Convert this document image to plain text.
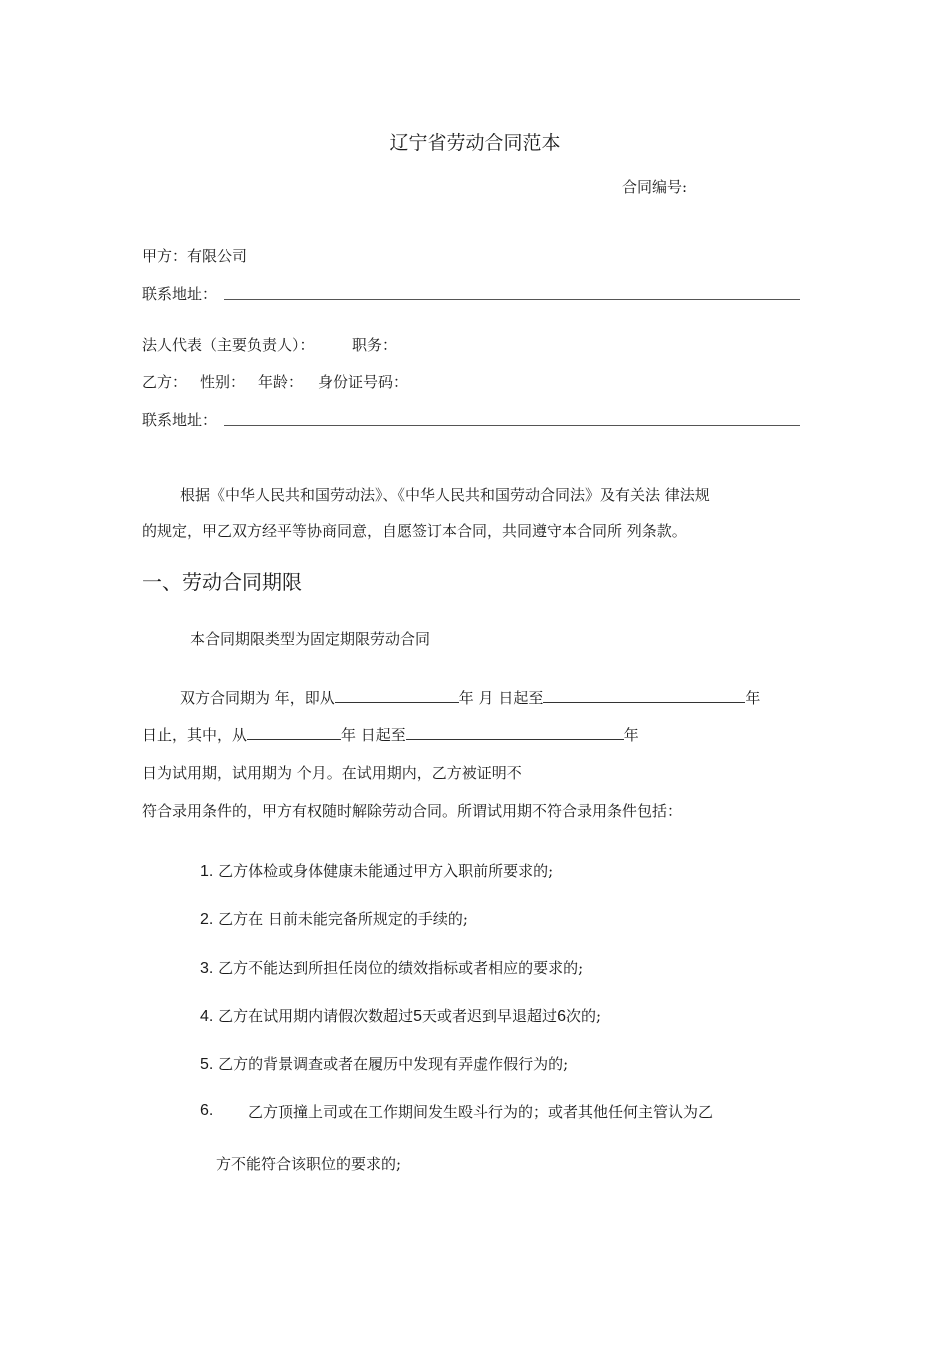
辽宁省劳动合同范本
合同编号:
甲方：有限公司
联系地址：
法人代表（主要负责人）： 职务：
乙方： 性别： 年龄： 身份证号码：
联系地址：
根据《中华人民共和国劳动法》、《中华人民共和国劳动合同法》及有关法 律法规
的规定，甲乙双方经平等协商同意，自愿签订本合同，共同遵守本合同所 列条款。
一、劳动合同期限
本合同期限类型为固定期限劳动合同
双方合同期为 年，即从	年 月 日起至	年
日止，其中，从	年 日起至	年
日为试用期，试用期为 个月。在试用期内，乙方被证明不
符合录用条件的，甲方有权随时解除劳动合同。所谓试用期不符合录用条件包括：
1. 乙方体检或身体健康未能通过甲方入职前所要求的;
2. 乙方在 日前未能完备所规定的手续的;
3. 乙方不能达到所担任岗位的绩效指标或者相应的要求的;
4. 乙方在试用期内请假次数超过5天或者迟到早退超过6次的;
5. 乙方的背景调查或者在履历中发现有弄虚作假行为的;
6. 乙方顶撞上司或在工作期间发生殴斗行为的；或者其他任何主管认为乙
方不能符合该职位的要求的;
